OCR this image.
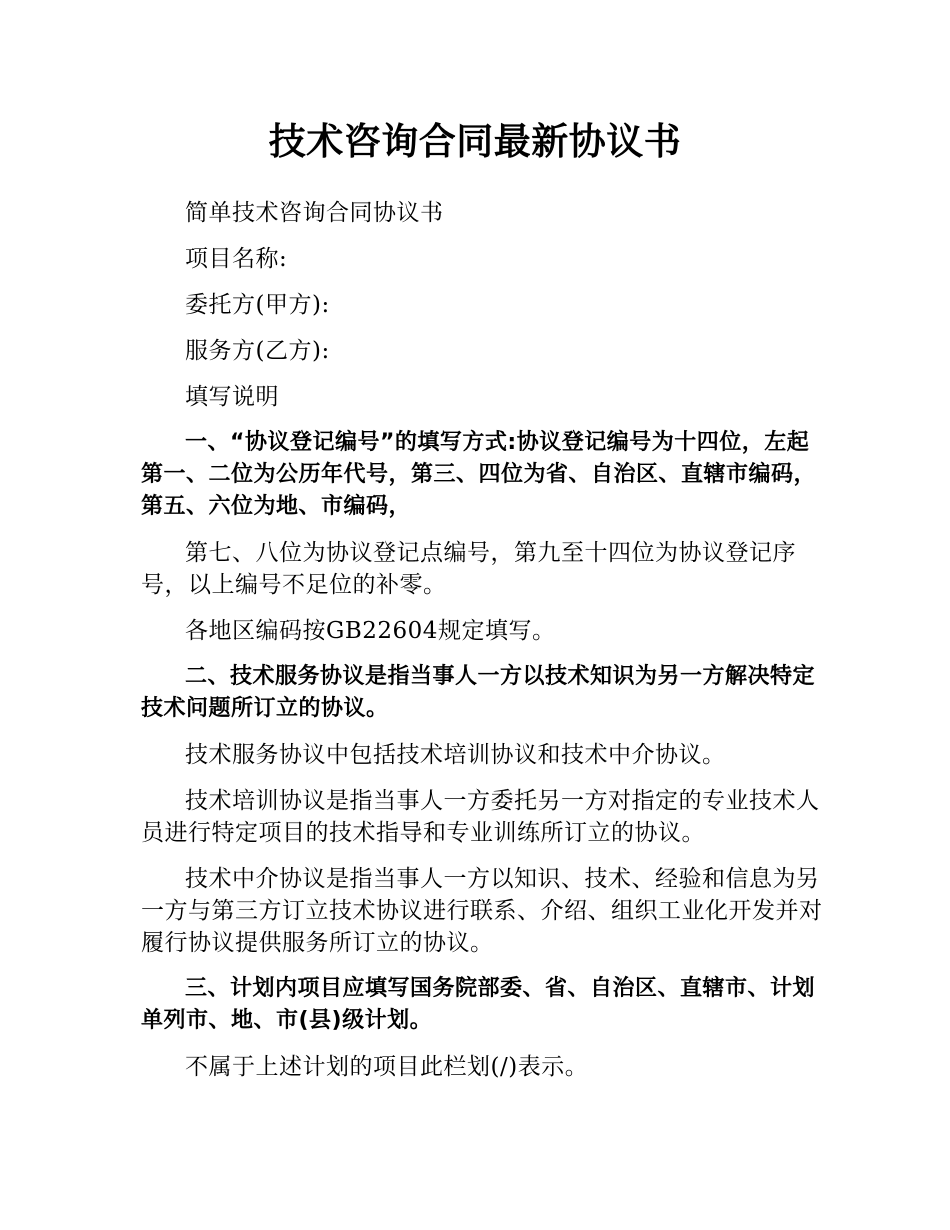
技术咨询合同最新协议书

简单技术咨询合同协议书

项目名称:

委托方(甲方):

服务方(乙方):

填写说明

一、“协议登记编号”的填写方式:协议登记编号为十四位，左起第一、二位为公历年代号，第三、四位为省、自治区、直辖市编码，第五、六位为地、市编码，

第七、八位为协议登记点编号，第九至十四位为协议登记序号，以上编号不足位的补零。

各地区编码按GB22604规定填写。

二、技术服务协议是指当事人一方以技术知识为另一方解决特定技术问题所订立的协议。

技术服务协议中包括技术培训协议和技术中介协议。

技术培训协议是指当事人一方委托另一方对指定的专业技术人员进行特定项目的技术指导和专业训练所订立的协议。

技术中介协议是指当事人一方以知识、技术、经验和信息为另一方与第三方订立技术协议进行联系、介绍、组织工业化开发并对履行协议提供服务所订立的协议。

三、计划内项目应填写国务院部委、省、自治区、直辖市、计划单列市、地、市(县)级计划。

不属于上述计划的项目此栏划(/)表示。
